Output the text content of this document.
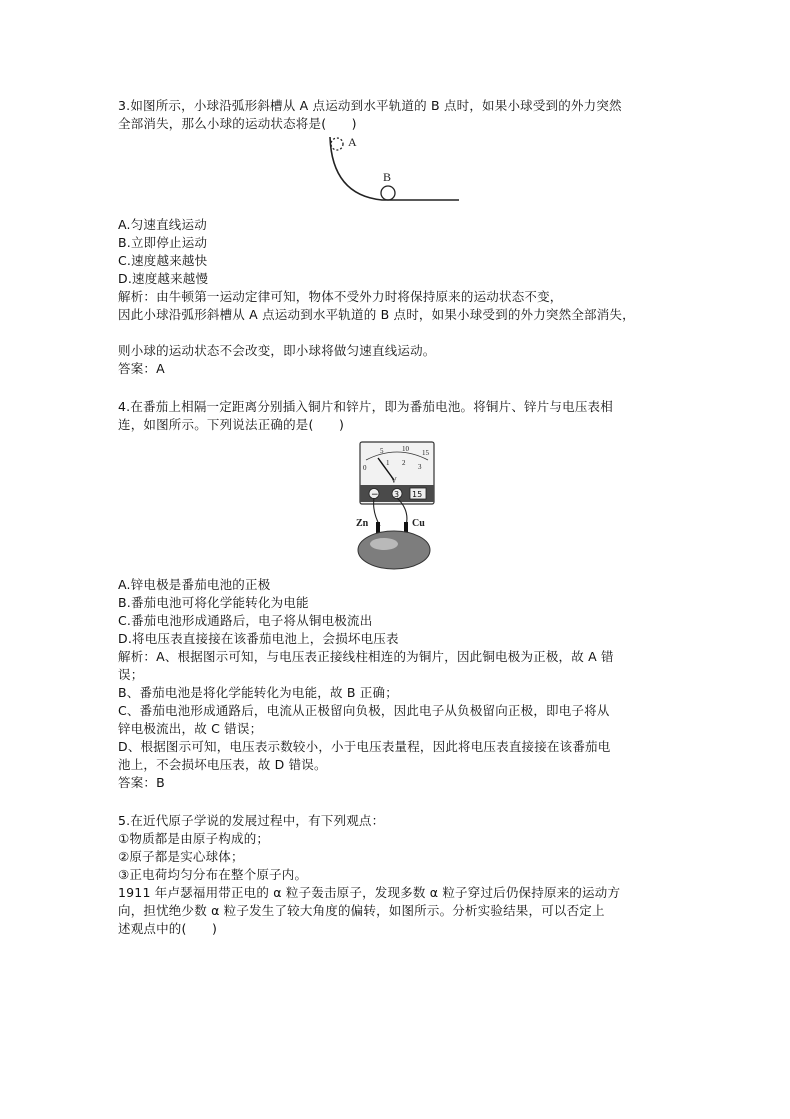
3.如图所示，小球沿弧形斜槽从 A 点运动到水平轨道的 B 点时，如果小球受到的外力突然
全部消失，那么小球的运动状态将是(　　)
A
B
A.匀速直线运动
B.立即停止运动
C.速度越来越快
D.速度越来越慢
解析：由牛顿第一运动定律可知，物体不受外力时将保持原来的运动状态不变，
因此小球沿弧形斜槽从 A 点运动到水平轨道的 B 点时，如果小球受到的外力突然全部消失，
则小球的运动状态不会改变，即小球将做匀速直线运动。
答案：A
4.在番茄上相隔一定距离分别插入铜片和锌片，即为番茄电池。将铜片、锌片与电压表相
连，如图所示。下列说法正确的是(　　)
5	10 15
0
1 2 3
V
− 3 15
Zn	Cu
A.锌电极是番茄电池的正极
B.番茄电池可将化学能转化为电能
C.番茄电池形成通路后，电子将从铜电极流出
D.将电压表直接接在该番茄电池上，会损坏电压表
解析：A、根据图示可知，与电压表正接线柱相连的为铜片，因此铜电极为正极，故 A 错
误；
B、番茄电池是将化学能转化为电能，故 B 正确；
C、番茄电池形成通路后，电流从正极留向负极，因此电子从负极留向正极，即电子将从
锌电极流出，故 C 错误；
D、根据图示可知，电压表示数较小，小于电压表量程，因此将电压表直接接在该番茄电
池上，不会损坏电压表，故 D 错误。
答案：B
5.在近代原子学说的发展过程中，有下列观点：
①物质都是由原子构成的；
②原子都是实心球体；
③正电荷均匀分布在整个原子内。
1911 年卢瑟福用带正电的 α 粒子轰击原子，发现多数 α 粒子穿过后仍保持原来的运动方
向，担忧绝少数 α 粒子发生了较大角度的偏转，如图所示。分析实验结果，可以否定上
述观点中的(　　)
